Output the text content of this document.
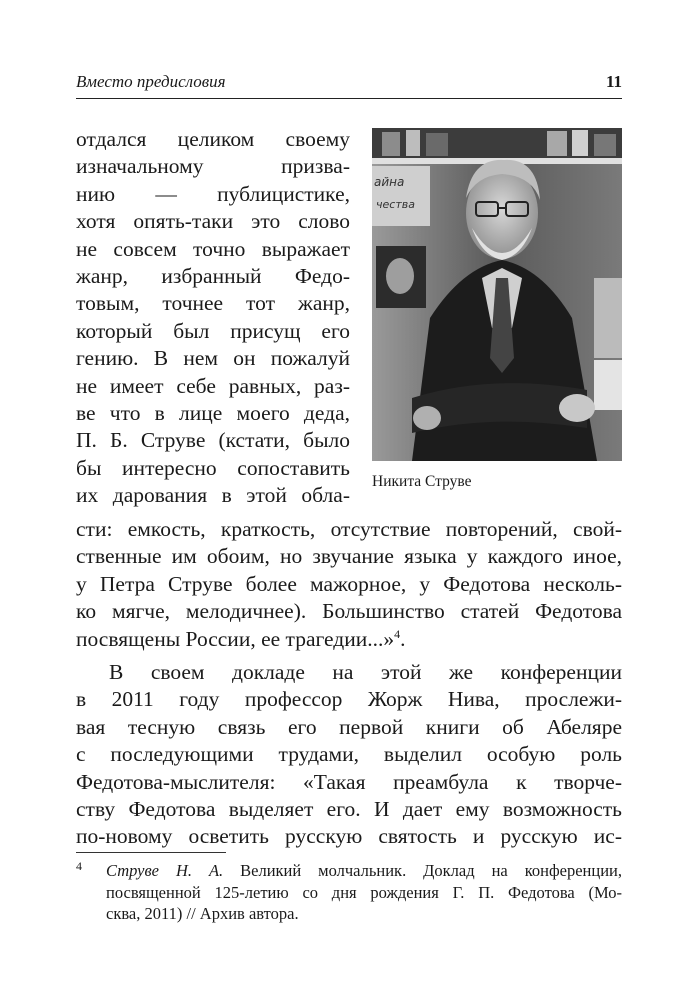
Вместо предисловия	11
айна
чества
Никита Струве
отдался целиком своему
изначальному призва-
нию — публицистике,
хотя опять-таки это слово
не совсем точно выражает
жанр, избранный Федо-
товым, точнее тот жанр,
который был присущ его
гению. В нем он пожалуй
не имеет себе равных, раз-
ве что в лице моего деда,
П. Б. Струве (кстати, было
бы интересно сопоставить
их дарования в этой обла-
сти: емкость, краткость, отсутствие повторений, свой-
ственные им обоим, но звучание языка у каждого иное,
у Петра Струве более мажорное, у Федотова несколь-
ко мягче, мелодичнее). Большинство статей Федотова
посвящены России, ее трагедии...»$^4$.
В своем докладе на этой же конференции
в 2011 году профессор Жорж Нива, прослежи-
вая тесную связь его первой книги об Абеляре
с последующими трудами, выделил особую роль
Федотова-мыслителя: «Такая преамбула к творче-
ству Федотова выделяет его. И дает ему возможность
по-новому осветить русскую святость и русскую ис-
4 Струве Н. А. Великий молчальник. Доклад на конференции,
посвященной 125-летию со дня рождения Г. П. Федотова (Мо-
сква, 2011) // Архив автора.
